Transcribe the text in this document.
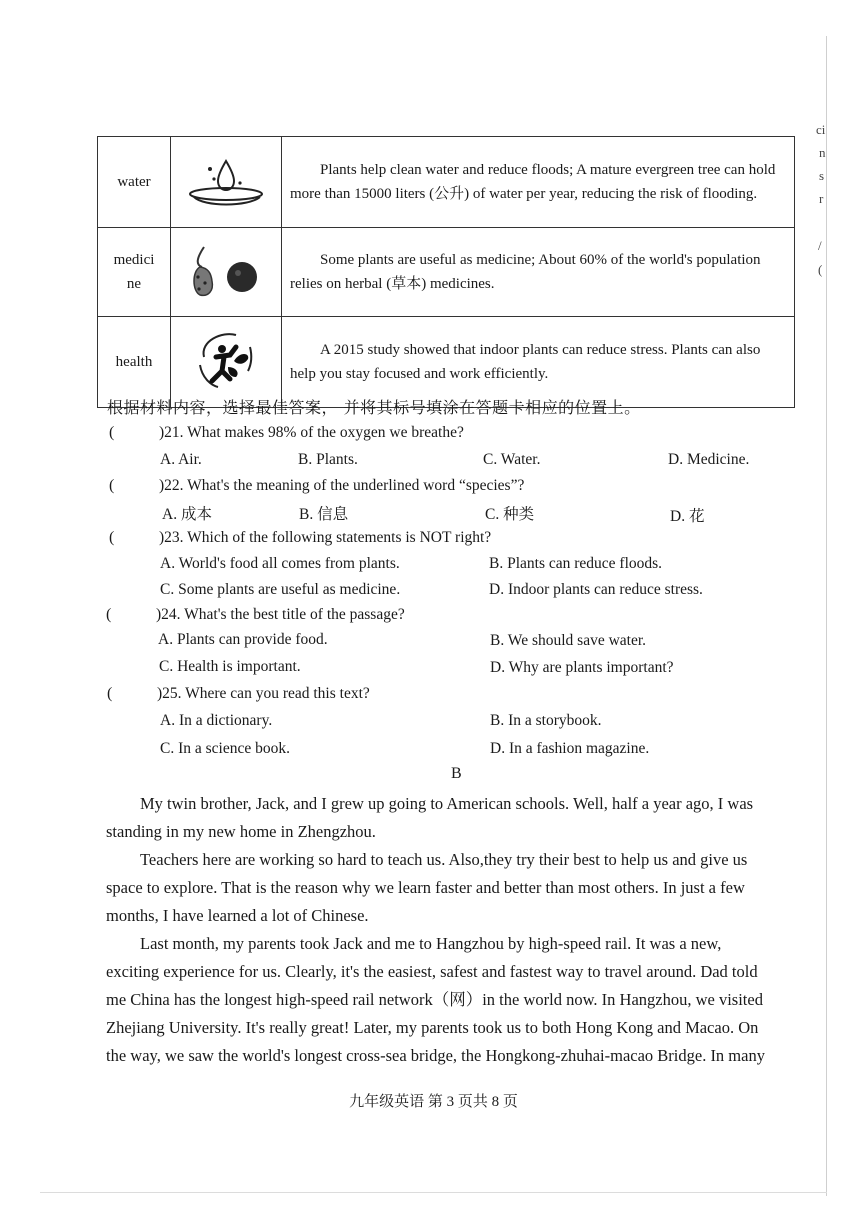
ci
n
s
r
/
(
water		Plants help clean water and reduce floods; A mature evergreen tree can hold more than 15000 liters (公升) of water per year, reducing the risk of flooding.
medici
ne		Some plants are useful as medicine; About 60% of the world's population relies on herbal (草本) medicines.
health		A 2015 study showed that indoor plants can reduce stress. Plants can also help you stay focused and work efficiently.
根据材料内容，选择最佳答案， 并将其标号填涂在答题卡相应的位置上。
(	)21. What makes 98% of the oxygen we breathe?
A. Air.	B. Plants.	C. Water.	D. Medicine.
(	)22. What's the meaning of the underlined word “species”?
A. 成本	B. 信息	C. 种类	D. 花
(	)23. Which of the following statements is NOT right?
A. World's food all comes from plants.	B. Plants can reduce floods.
C. Some plants are useful as medicine.	D. Indoor plants can reduce stress.
(	)24. What's the best title of the passage?
A. Plants can provide food.	B. We should save water.
C. Health is important.	D. Why are plants important?
(	)25. Where can you read this text?
A. In a dictionary.	B. In a storybook.
C. In a science book.	D. In a fashion magazine.
B
My twin brother, Jack, and I grew up going to American schools. Well, half a year ago, I was
standing in my new home in Zhengzhou.
Teachers here are working so hard to teach us. Also,they try their best to help us and give us
space to explore. That is the reason why we learn faster and better than most others. In just a few
months, I have learned a lot of Chinese.
Last month, my parents took Jack and me to Hangzhou by high-speed rail. It was a new,
exciting experience for us. Clearly, it's the easiest, safest and fastest way to travel around. Dad told
me China has the longest high-speed rail network（网）in the world now. In Hangzhou, we visited
Zhejiang University. It's really great! Later, my parents took us to both Hong Kong and Macao. On
the way, we saw the world's longest cross-sea bridge, the Hongkong-zhuhai-macao Bridge. In many
九年级英语 第 3 页共 8 页
